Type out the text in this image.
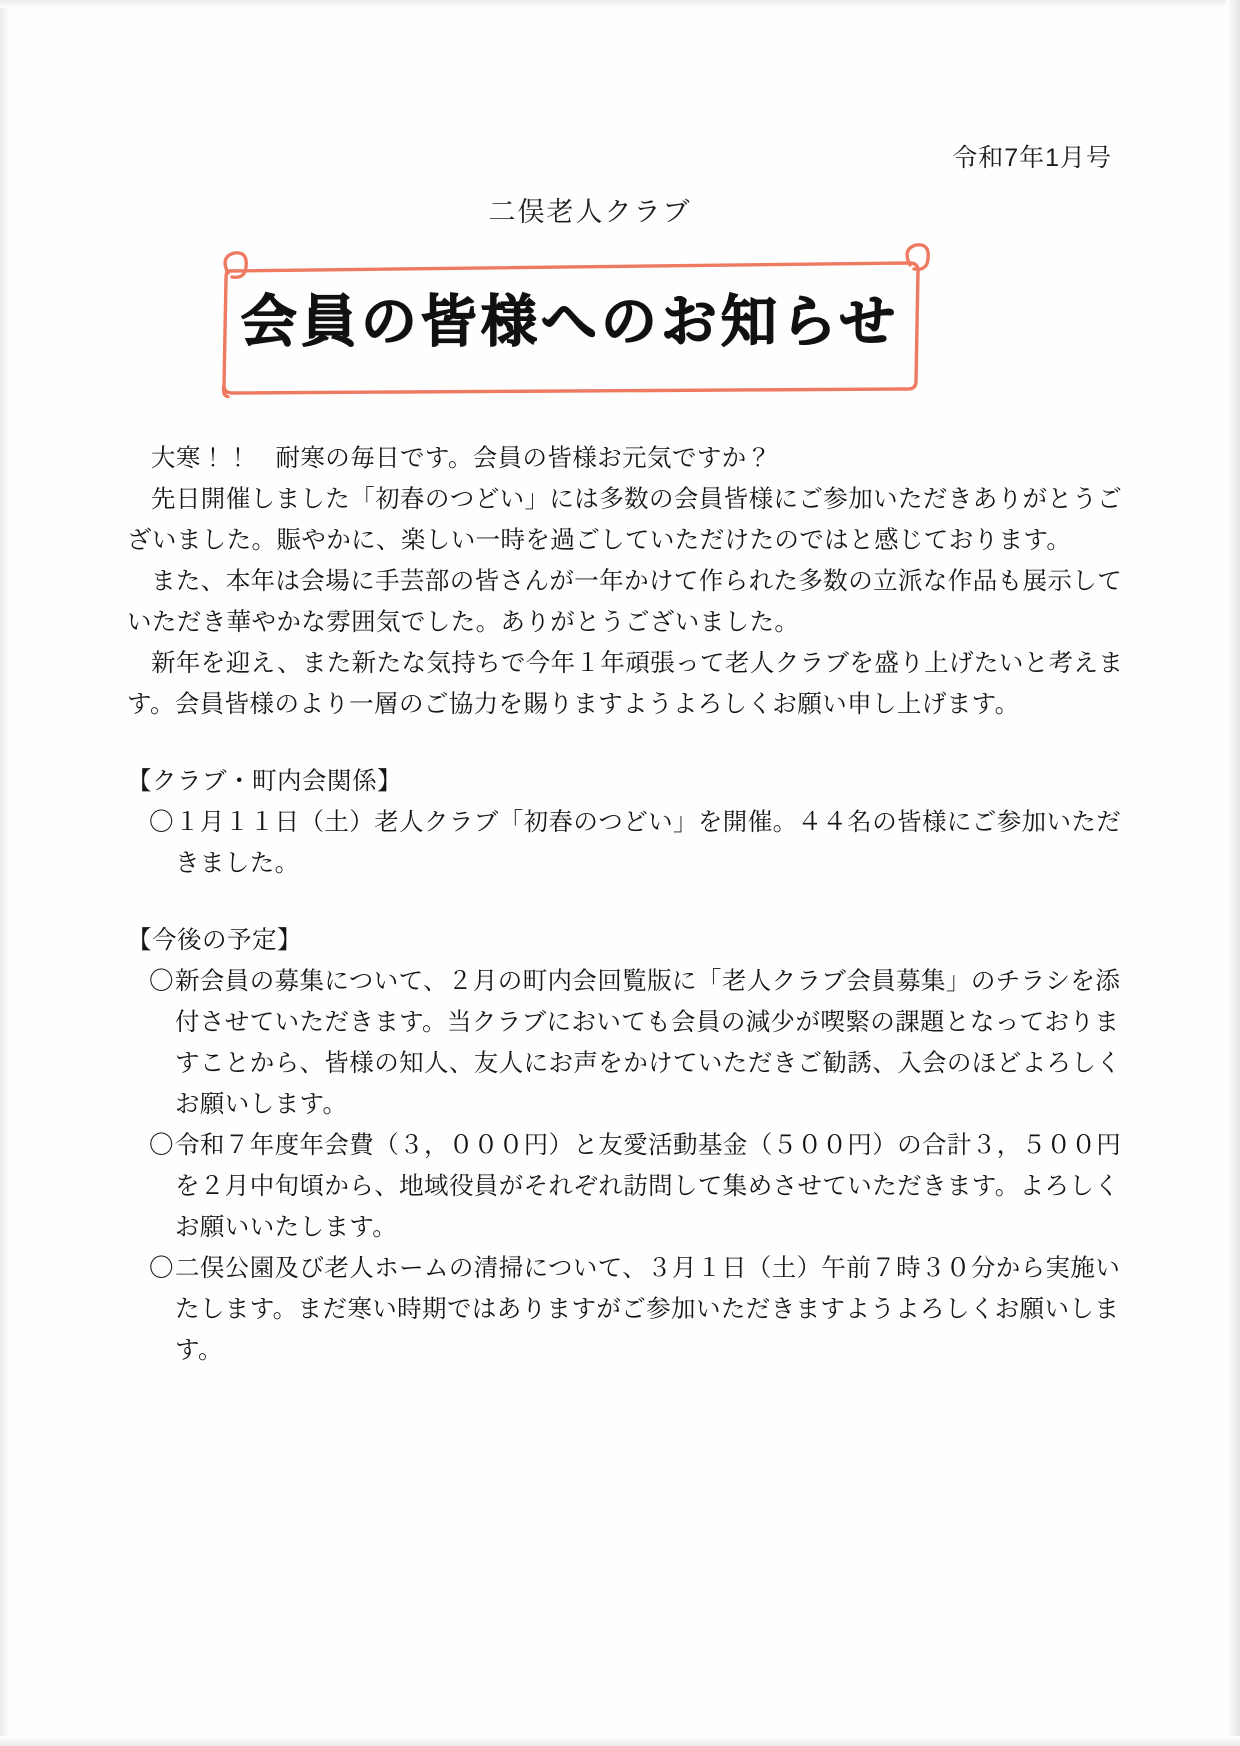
令和7年1月号
二俣老人クラブ
会員の皆様へのお知らせ

大寒！！　耐寒の毎日です。会員の皆様お元気ですか？

先日開催しました「初春のつどい」には多数の会員皆様にご参加いただきありがとうございました。賑やかに、楽しい一時を過ごしていただけたのではと感じております。

また、本年は会場に手芸部の皆さんが一年かけて作られた多数の立派な作品も展示していただき華やかな雰囲気でした。ありがとうございました。

新年を迎え、また新たな気持ちで今年１年頑張って老人クラブを盛り上げたいと考えます。会員皆様のより一層のご協力を賜りますようよろしくお願い申し上げます。

【クラブ・町内会関係】

〇 １月１１日（土）老人クラブ「初春のつどい」を開催。４４名の皆様にご参加いただきました。

【今後の予定】

〇 新会員の募集について、２月の町内会回覧版に「老人クラブ会員募集」のチラシを添付させていただきます。当クラブにおいても会員の減少が喫緊の課題となっておりますことから、皆様の知人、友人にお声をかけていただきご勧誘、入会のほどよろしくお願いします。
〇 令和７年度年会費（３，０００円）と友愛活動基金（５００円）の合計３，５００円を２月中旬頃から、地域役員がそれぞれ訪問して集めさせていただきます。よろしくお願いいたします。
〇 二俣公園及び老人ホームの清掃について、３月１日（土）午前７時３０分から実施いたします。まだ寒い時期ではありますがご参加いただきますようよろしくお願いします。
